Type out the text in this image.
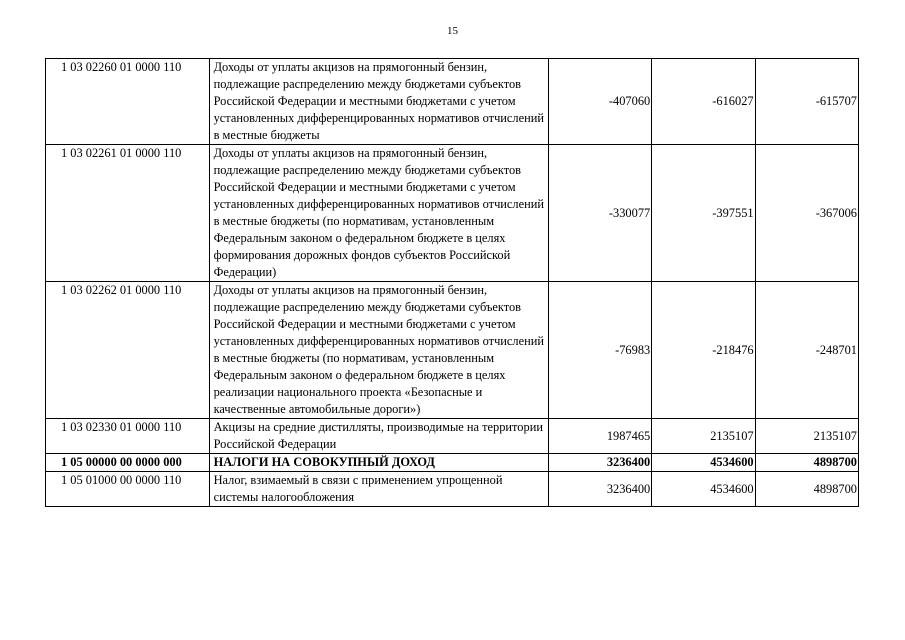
15
1 03 02260 01 0000 110	Доходы от уплаты акцизов на прямогонный бензин, подлежащие распределению между бюджетами субъектов Российской Федерации и местными бюджетами с учетом установленных дифференцированных нормативов отчислений в местные бюджеты	-407060	-616027	-615707
1 03 02261 01 0000 110	Доходы от уплаты акцизов на прямогонный бензин, подлежащие распределению между бюджетами субъектов Российской Федерации и местными бюджетами с учетом установленных дифференцированных нормативов отчислений в местные бюджеты (по нормативам, установленным Федеральным законом о федеральном бюджете в целях формирования дорожных фондов субъектов Российской Федерации)	-330077	-397551	-367006
1 03 02262 01 0000 110	Доходы от уплаты акцизов на прямогонный бензин, подлежащие распределению между бюджетами субъектов Российской Федерации и местными бюджетами с учетом установленных дифференцированных нормативов отчислений в местные бюджеты (по нормативам, установленным Федеральным законом о федеральном бюджете в целях реализации национального проекта «Безопасные и качественные автомобильные дороги»)	-76983	-218476	-248701
1 03 02330 01 0000 110	Акцизы на средние дистилляты, производимые на территории Российской Федерации	1987465	2135107	2135107
1 05 00000 00 0000 000	НАЛОГИ НА СОВОКУПНЫЙ ДОХОД	3236400	4534600	4898700
1 05 01000 00 0000 110	Налог, взимаемый в связи с применением упрощенной системы налогообложения	3236400	4534600	4898700
